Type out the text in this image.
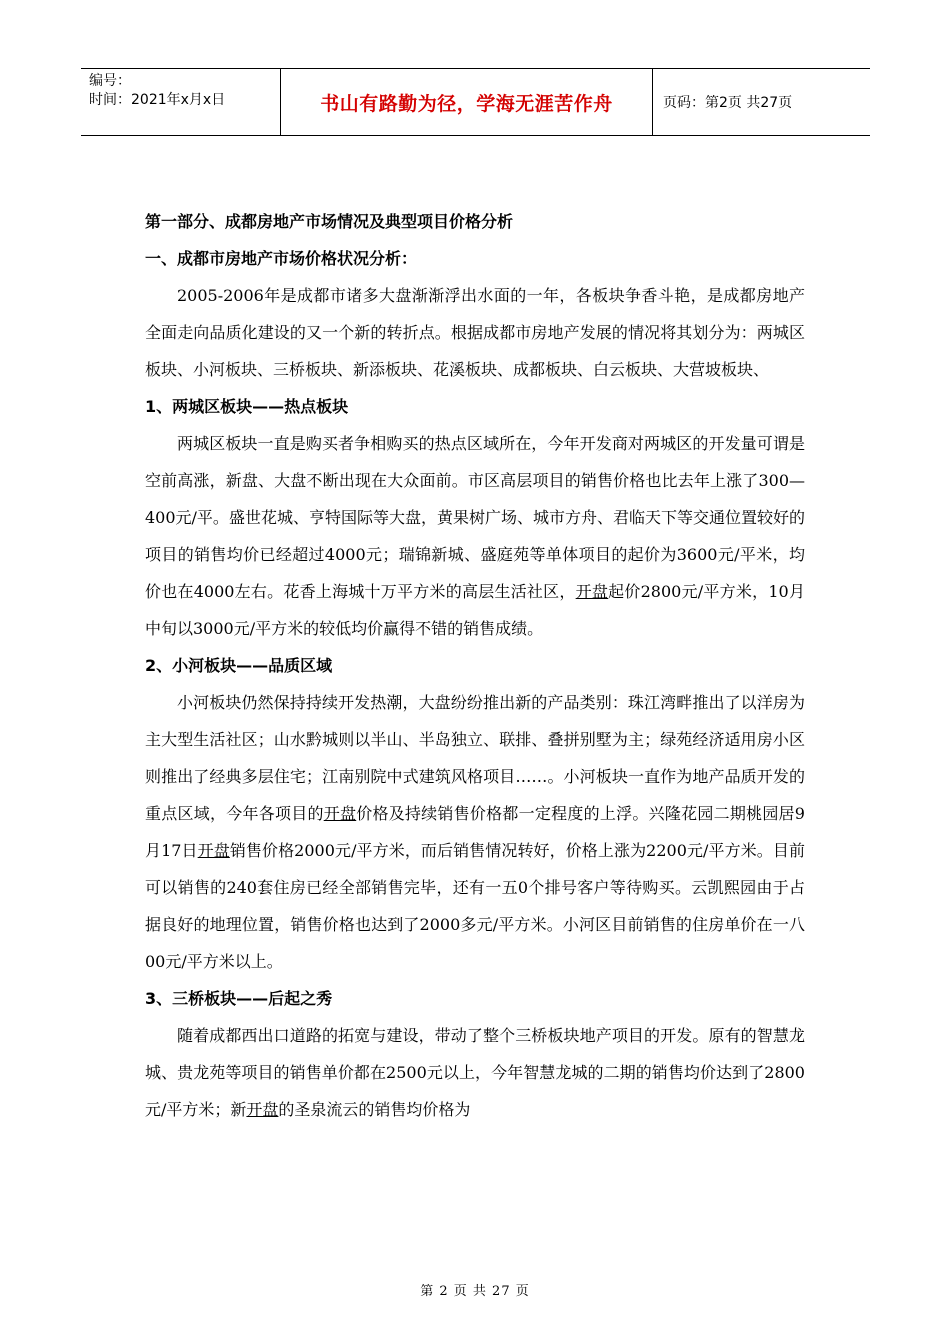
编号：
时间：2021年x月x日	书山有路勤为径，学海无涯苦作舟	页码：第2页 共27页

第一部分、成都房地产市场情况及典型项目价格分析

一、成都市房地产市场价格状况分析：

2005-2006年是成都市诸多大盘渐渐浮出水面的一年，各板块争香斗艳，是成都房地产全面走向品质化建设的又一个新的转折点。根据成都市房地产发展的情况将其划分为：两城区板块、小河板块、三桥板块、新添板块、花溪板块、成都板块、白云板块、大营坡板块、

1、两城区板块——热点板块

两城区板块一直是购买者争相购买的热点区域所在，今年开发商对两城区的开发量可谓是空前高涨，新盘、大盘不断出现在大众面前。市区高层项目的销售价格也比去年上涨了300—400元/平。盛世花城、亨特国际等大盘，黄果树广场、城市方舟、君临天下等交通位置较好的项目的销售均价已经超过4000元；瑞锦新城、盛庭苑等单体项目的起价为3600元/平米，均价也在4000左右。花香上海城十万平方米的高层生活社区，开盘起价2800元/平方米，10月中旬以3000元/平方米的较低均价赢得不错的销售成绩。

2、小河板块——品质区域

小河板块仍然保持持续开发热潮，大盘纷纷推出新的产品类别：珠江湾畔推出了以洋房为主大型生活社区；山水黔城则以半山、半岛独立、联排、叠拼别墅为主；绿苑经济适用房小区则推出了经典多层住宅；江南别院中式建筑风格项目……。小河板块一直作为地产品质开发的重点区域，今年各项目的开盘价格及持续销售价格都一定程度的上浮。兴隆花园二期桃园居9月17日开盘销售价格2000元/平方米，而后销售情况转好，价格上涨为2200元/平方米。目前可以销售的240套住房已经全部销售完毕，还有一五0个排号客户等待购买。云凯熙园由于占据良好的地理位置，销售价格也达到了2000多元/平方米。小河区目前销售的住房单价在一八00元/平方米以上。

3、三桥板块——后起之秀

随着成都西出口道路的拓宽与建设，带动了整个三桥板块地产项目的开发。原有的智慧龙城、贵龙苑等项目的销售单价都在2500元以上，今年智慧龙城的二期的销售均价达到了2800元/平方米；新开盘的圣泉流云的销售均价格为

第 2 页 共 27 页
